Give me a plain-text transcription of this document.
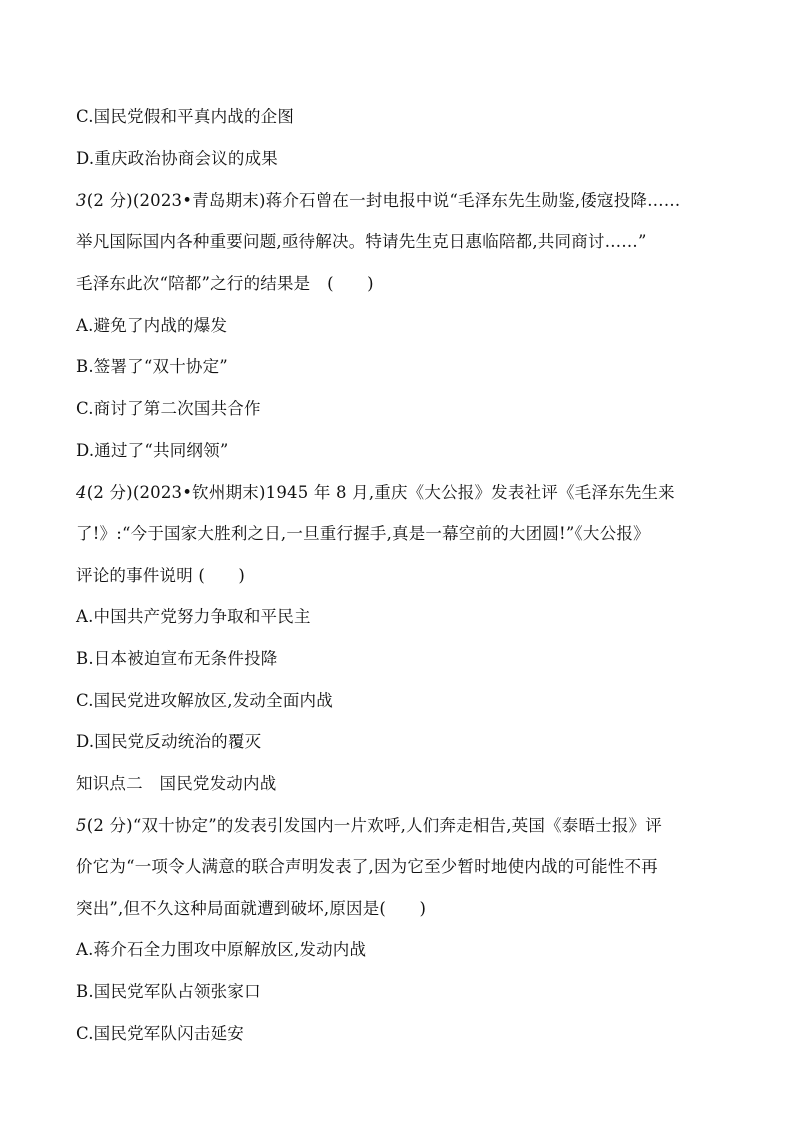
C.国民党假和平真内战的企图
D.重庆政治协商会议的成果
3(2 分)(2023•青岛期末)蒋介石曾在一封电报中说“毛泽东先生勋鉴,倭寇投降……
举凡国际国内各种重要问题,亟待解决。特请先生克日惠临陪都,共同商讨……”
毛泽东此次“陪都”之行的结果是　(　　)
A.避免了内战的爆发
B.签署了“双十协定”
C.商讨了第二次国共合作
D.通过了“共同纲领”
4(2 分)(2023•钦州期末)1945 年 8 月,重庆《大公报》发表社评《毛泽东先生来
了!》:“今于国家大胜利之日,一旦重行握手,真是一幕空前的大团圆!”《大公报》
评论的事件说明 (　　)
A.中国共产党努力争取和平民主
B.日本被迫宣布无条件投降
C.国民党进攻解放区,发动全面内战
D.国民党反动统治的覆灭
知识点二　国民党发动内战
5(2 分)“双十协定”的发表引发国内一片欢呼,人们奔走相告,英国《泰晤士报》评
价它为“一项令人满意的联合声明发表了,因为它至少暂时地使内战的可能性不再
突出”,但不久这种局面就遭到破坏,原因是(　　)
A.蒋介石全力围攻中原解放区,发动内战
B.国民党军队占领张家口
C.国民党军队闪击延安
